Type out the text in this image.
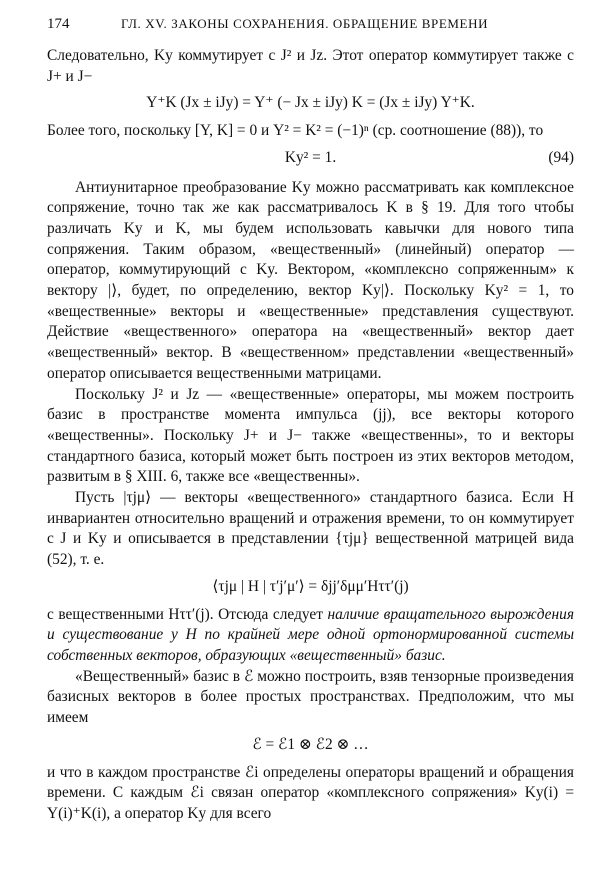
174	ГЛ. XV. ЗАКОНЫ СОХРАНЕНИЯ. ОБРАЩЕНИЕ ВРЕМЕНИ

Следовательно, Ky коммутирует с J² и Jz. Этот оператор коммутирует также с J+ и J−

Y⁺K (Jx ± iJy) = Y⁺ (− Jx ± iJy) K = (Jx ± iJy) Y⁺K.

Более того, поскольку [Y, K] = 0 и Y² = K² = (−1)ⁿ (ср. соотношение (88)), то

Ky² = 1.	(94)

Антиунитарное преобразование Ky можно рассматривать как комплексное сопряжение, точно так же как рассматривалось K в § 19. Для того чтобы различать Ky и K, мы будем использовать кавычки для нового типа сопряжения. Таким образом, «вещественный» (линейный) оператор — оператор, коммутирующий с Ky. Вектором, «комплексно сопряженным» к вектору |⟩, будет, по определению, вектор Ky|⟩. Поскольку Ky² = 1, то «вещественные» векторы и «вещественные» представления существуют. Действие «вещественного» оператора на «вещественный» вектор дает «вещественный» вектор. В «вещественном» представлении «вещественный» оператор описывается вещественными матрицами.

Поскольку J² и Jz — «вещественные» операторы, мы можем построить базис в пространстве момента импульса (jj), все векторы которого «вещественны». Поскольку J+ и J− также «вещественны», то и векторы стандартного базиса, который может быть построен из этих векторов методом, развитым в § XIII. 6, также все «вещественны».

Пусть |τjμ⟩ — векторы «вещественного» стандартного базиса. Если H инвариантен относительно вращений и отражения времени, то он коммутирует с J и Ky и описывается в представлении {τjμ} вещественной матрицей вида (52), т. е.

⟨τjμ | H | τ′j′μ′⟩ = δjj′δμμ′Hττ′(j)

с вещественными Hττ′(j). Отсюда следует наличие вращательного вырождения и существование у H по крайней мере одной ортонормированной системы собственных векторов, образующих «вещественный» базис.

«Вещественный» базис в ℰ можно построить, взяв тензорные произведения базисных векторов в более простых пространствах. Предположим, что мы имеем

ℰ = ℰ1 ⊗ ℰ2 ⊗ …

и что в каждом пространстве ℰi определены операторы вращений и обращения времени. С каждым ℰi связан оператор «комплексного сопряжения» Ky(i) = Y(i)⁺K(i), а оператор Ky для всего
